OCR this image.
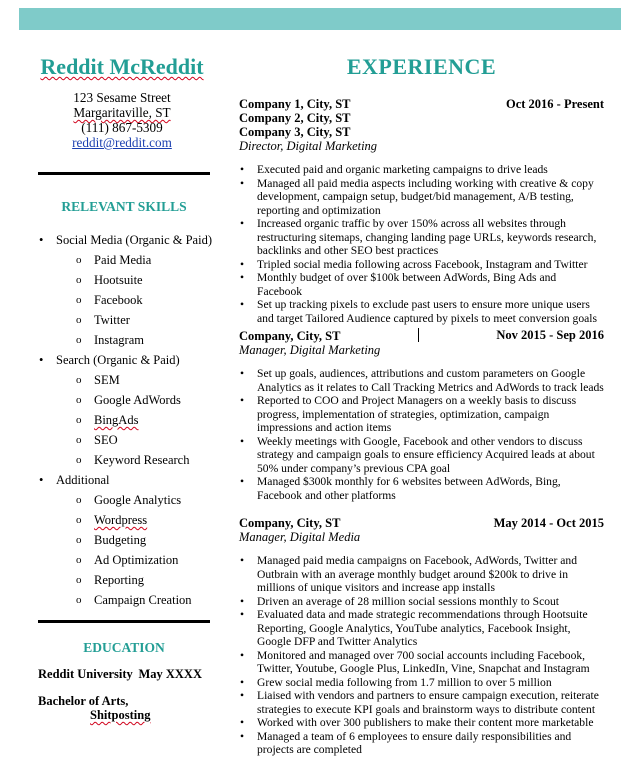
Reddit McReddit
123 Sesame Street
Margaritaville, ST
(111) 867-5309
reddit@reddit.com
RELEVANT SKILLS
• Social Media (Organic & Paid)
o Paid Media
o Hootsuite
o Facebook
o Twitter
o Instagram
• Search (Organic & Paid)
o SEM
o Google AdWords
o BingAds
o SEO
o Keyword Research
• Additional
o Google Analytics
o Wordpress
o Budgeting
o Ad Optimization
o Reporting
o Campaign Creation
EDUCATION
Reddit University May XXXX
Bachelor of Arts,
Shitposting
EXPERIENCE
Company 1, City, ST	Oct 2016 - Present
Company 2, City, ST
Company 3, City, ST
Director, Digital Marketing
• Executed paid and organic marketing campaigns to drive leads
• Managed all paid media aspects including working with creative & copy development, campaign setup, budget/bid management, A/B testing, reporting and optimization
• Increased organic traffic by over 150% across all websites through restructuring sitemaps, changing landing page URLs, keywords research, backlinks and other SEO best practices
• Tripled social media following across Facebook, Instagram and Twitter
• Monthly budget of over $100k between AdWords, Bing Ads and Facebook
• Set up tracking pixels to exclude past users to ensure more unique users and target Tailored Audience captured by pixels to meet conversion goals
Company, City, ST	Nov 2015 - Sep 2016
Manager, Digital Marketing
• Set up goals, audiences, attributions and custom parameters on Google Analytics as it relates to Call Tracking Metrics and AdWords to track leads
• Reported to COO and Project Managers on a weekly basis to discuss progress, implementation of strategies, optimization, campaign impressions and action items
• Weekly meetings with Google, Facebook and other vendors to discuss strategy and campaign goals to ensure efficiency Acquired leads at about 50% under company’s previous CPA goal
• Managed $300k monthly for 6 websites between AdWords, Bing, Facebook and other platforms
Company, City, ST	May 2014 - Oct 2015
Manager, Digital Media
• Managed paid media campaigns on Facebook, AdWords, Twitter and Outbrain with an average monthly budget around $200k to drive in millions of unique visitors and increase app installs
• Driven an average of 28 million social sessions monthly to Scout
• Evaluated data and made strategic recommendations through Hootsuite Reporting, Google Analytics, YouTube analytics, Facebook Insight, Google DFP and Twitter Analytics
• Monitored and managed over 700 social accounts including Facebook, Twitter, Youtube, Google Plus, LinkedIn, Vine, Snapchat and Instagram
• Grew social media following from 1.7 million to over 5 million
• Liaised with vendors and partners to ensure campaign execution, reiterate strategies to execute KPI goals and brainstorm ways to distribute content
• Worked with over 300 publishers to make their content more marketable
• Managed a team of 6 employees to ensure daily responsibilities and projects are completed
